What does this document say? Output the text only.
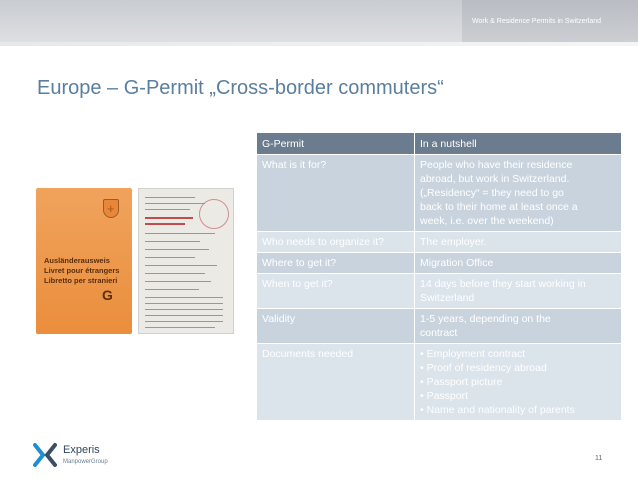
Work & Residence Permits in Switzerland
Europe – G-Permit „Cross-border commuters“
+
Ausländerausweis
Livret pour étrangers
Libretto per stranieri
G
G-Permit	In a nutshell
What is it for?	People who have their residence
abroad, but work in Switzerland.
(„Residency“ = they need to go
back to their home at least once a
week, i.e. over the weekend)

Who needs to organize it?	The employer.

Where to get it?	Migration Office

When to get it?	14 days before they start working in
Switzerland

Validity	1-5 years, depending on the
contract

Documents needed	• Employment contract
• Proof of residency abroad
• Passport picture
• Passport
• Name and nationality of parents
Experis
ManpowerGroup	11
